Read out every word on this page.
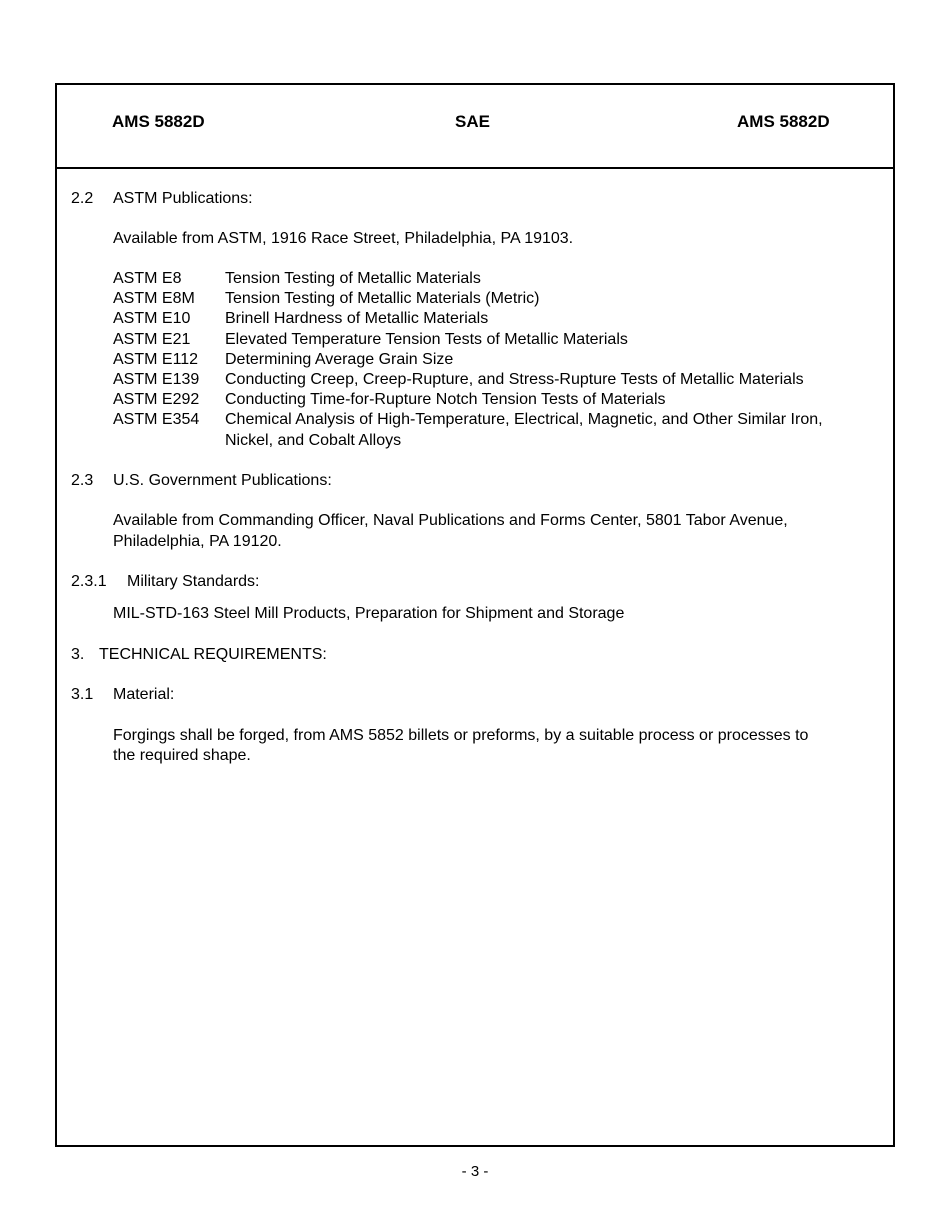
AMS 5882D	SAE	AMS 5882D
2.2 ASTM Publications:
Available from ASTM, 1916 Race Street, Philadelphia, PA 19103.
ASTM E8	Tension Testing of Metallic Materials
ASTM E8M Tension Testing of Metallic Materials (Metric)
ASTM E10 Brinell Hardness of Metallic Materials
ASTM E21 Elevated Temperature Tension Tests of Metallic Materials
ASTM E112 Determining Average Grain Size
ASTM E139 Conducting Creep, Creep-Rupture, and Stress-Rupture Tests of Metallic Materials
ASTM E292 Conducting Time-for-Rupture Notch Tension Tests of Materials
ASTM E354 Chemical Analysis of High-Temperature, Electrical, Magnetic, and Other Similar Iron,
Nickel, and Cobalt Alloys
2.3 U.S. Government Publications:
Available from Commanding Officer, Naval Publications and Forms Center, 5801 Tabor Avenue,
Philadelphia, PA 19120.
2.3.1 Military Standards:
MIL-STD-163 Steel Mill Products, Preparation for Shipment and Storage
3. TECHNICAL REQUIREMENTS:
3.1 Material:
Forgings shall be forged, from AMS 5852 billets or preforms, by a suitable process or processes to
the required shape.
- 3 -
